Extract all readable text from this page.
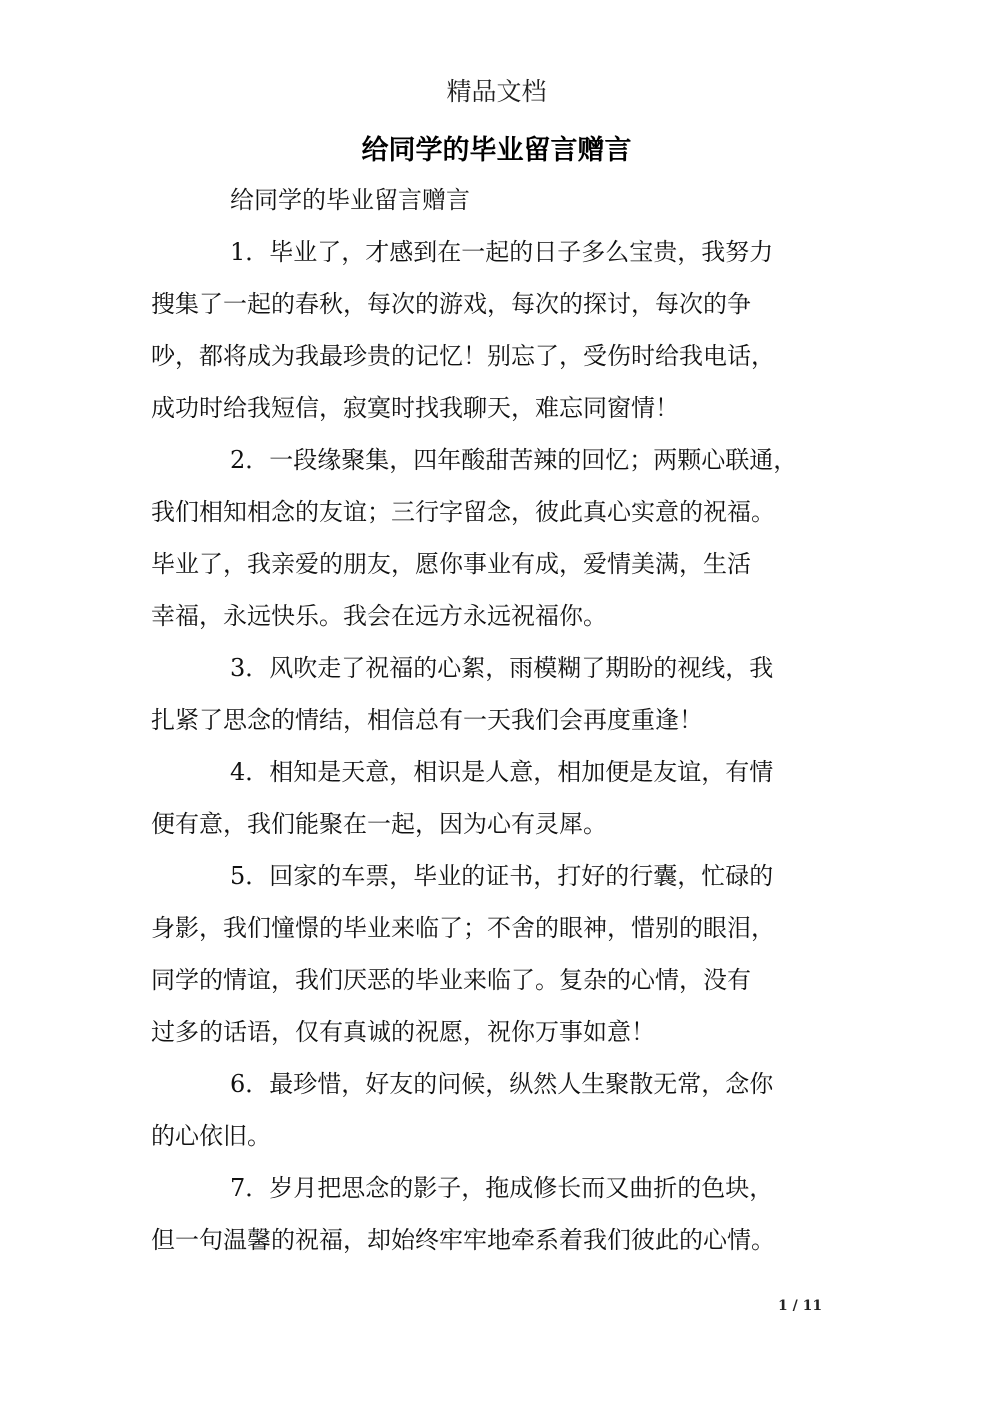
精品文档
给同学的毕业留言赠言
给同学的毕业留言赠言
1．毕业了，才感到在一起的日子多么宝贵，我努力
搜集了一起的春秋，每次的游戏，每次的探讨，每次的争
吵，都将成为我最珍贵的记忆！别忘了，受伤时给我电话，
成功时给我短信，寂寞时找我聊天，难忘同窗情！
2．一段缘聚集，四年酸甜苦辣的回忆；两颗心联通，
我们相知相念的友谊；三行字留念，彼此真心实意的祝福。
毕业了，我亲爱的朋友，愿你事业有成，爱情美满，生活
幸福，永远快乐。我会在远方永远祝福你。
3．风吹走了祝福的心絮，雨模糊了期盼的视线，我
扎紧了思念的情结，相信总有一天我们会再度重逢！
4．相知是天意，相识是人意，相加便是友谊，有情
便有意，我们能聚在一起，因为心有灵犀。
5．回家的车票，毕业的证书，打好的行囊，忙碌的
身影，我们憧憬的毕业来临了；不舍的眼神，惜别的眼泪，
同学的情谊，我们厌恶的毕业来临了。复杂的心情，没有
过多的话语，仅有真诚的祝愿，祝你万事如意！
6．最珍惜，好友的问候，纵然人生聚散无常，念你
的心依旧。
7．岁月把思念的影子，拖成修长而又曲折的色块，
但一句温馨的祝福，却始终牢牢地牵系着我们彼此的心情。
1 / 11
